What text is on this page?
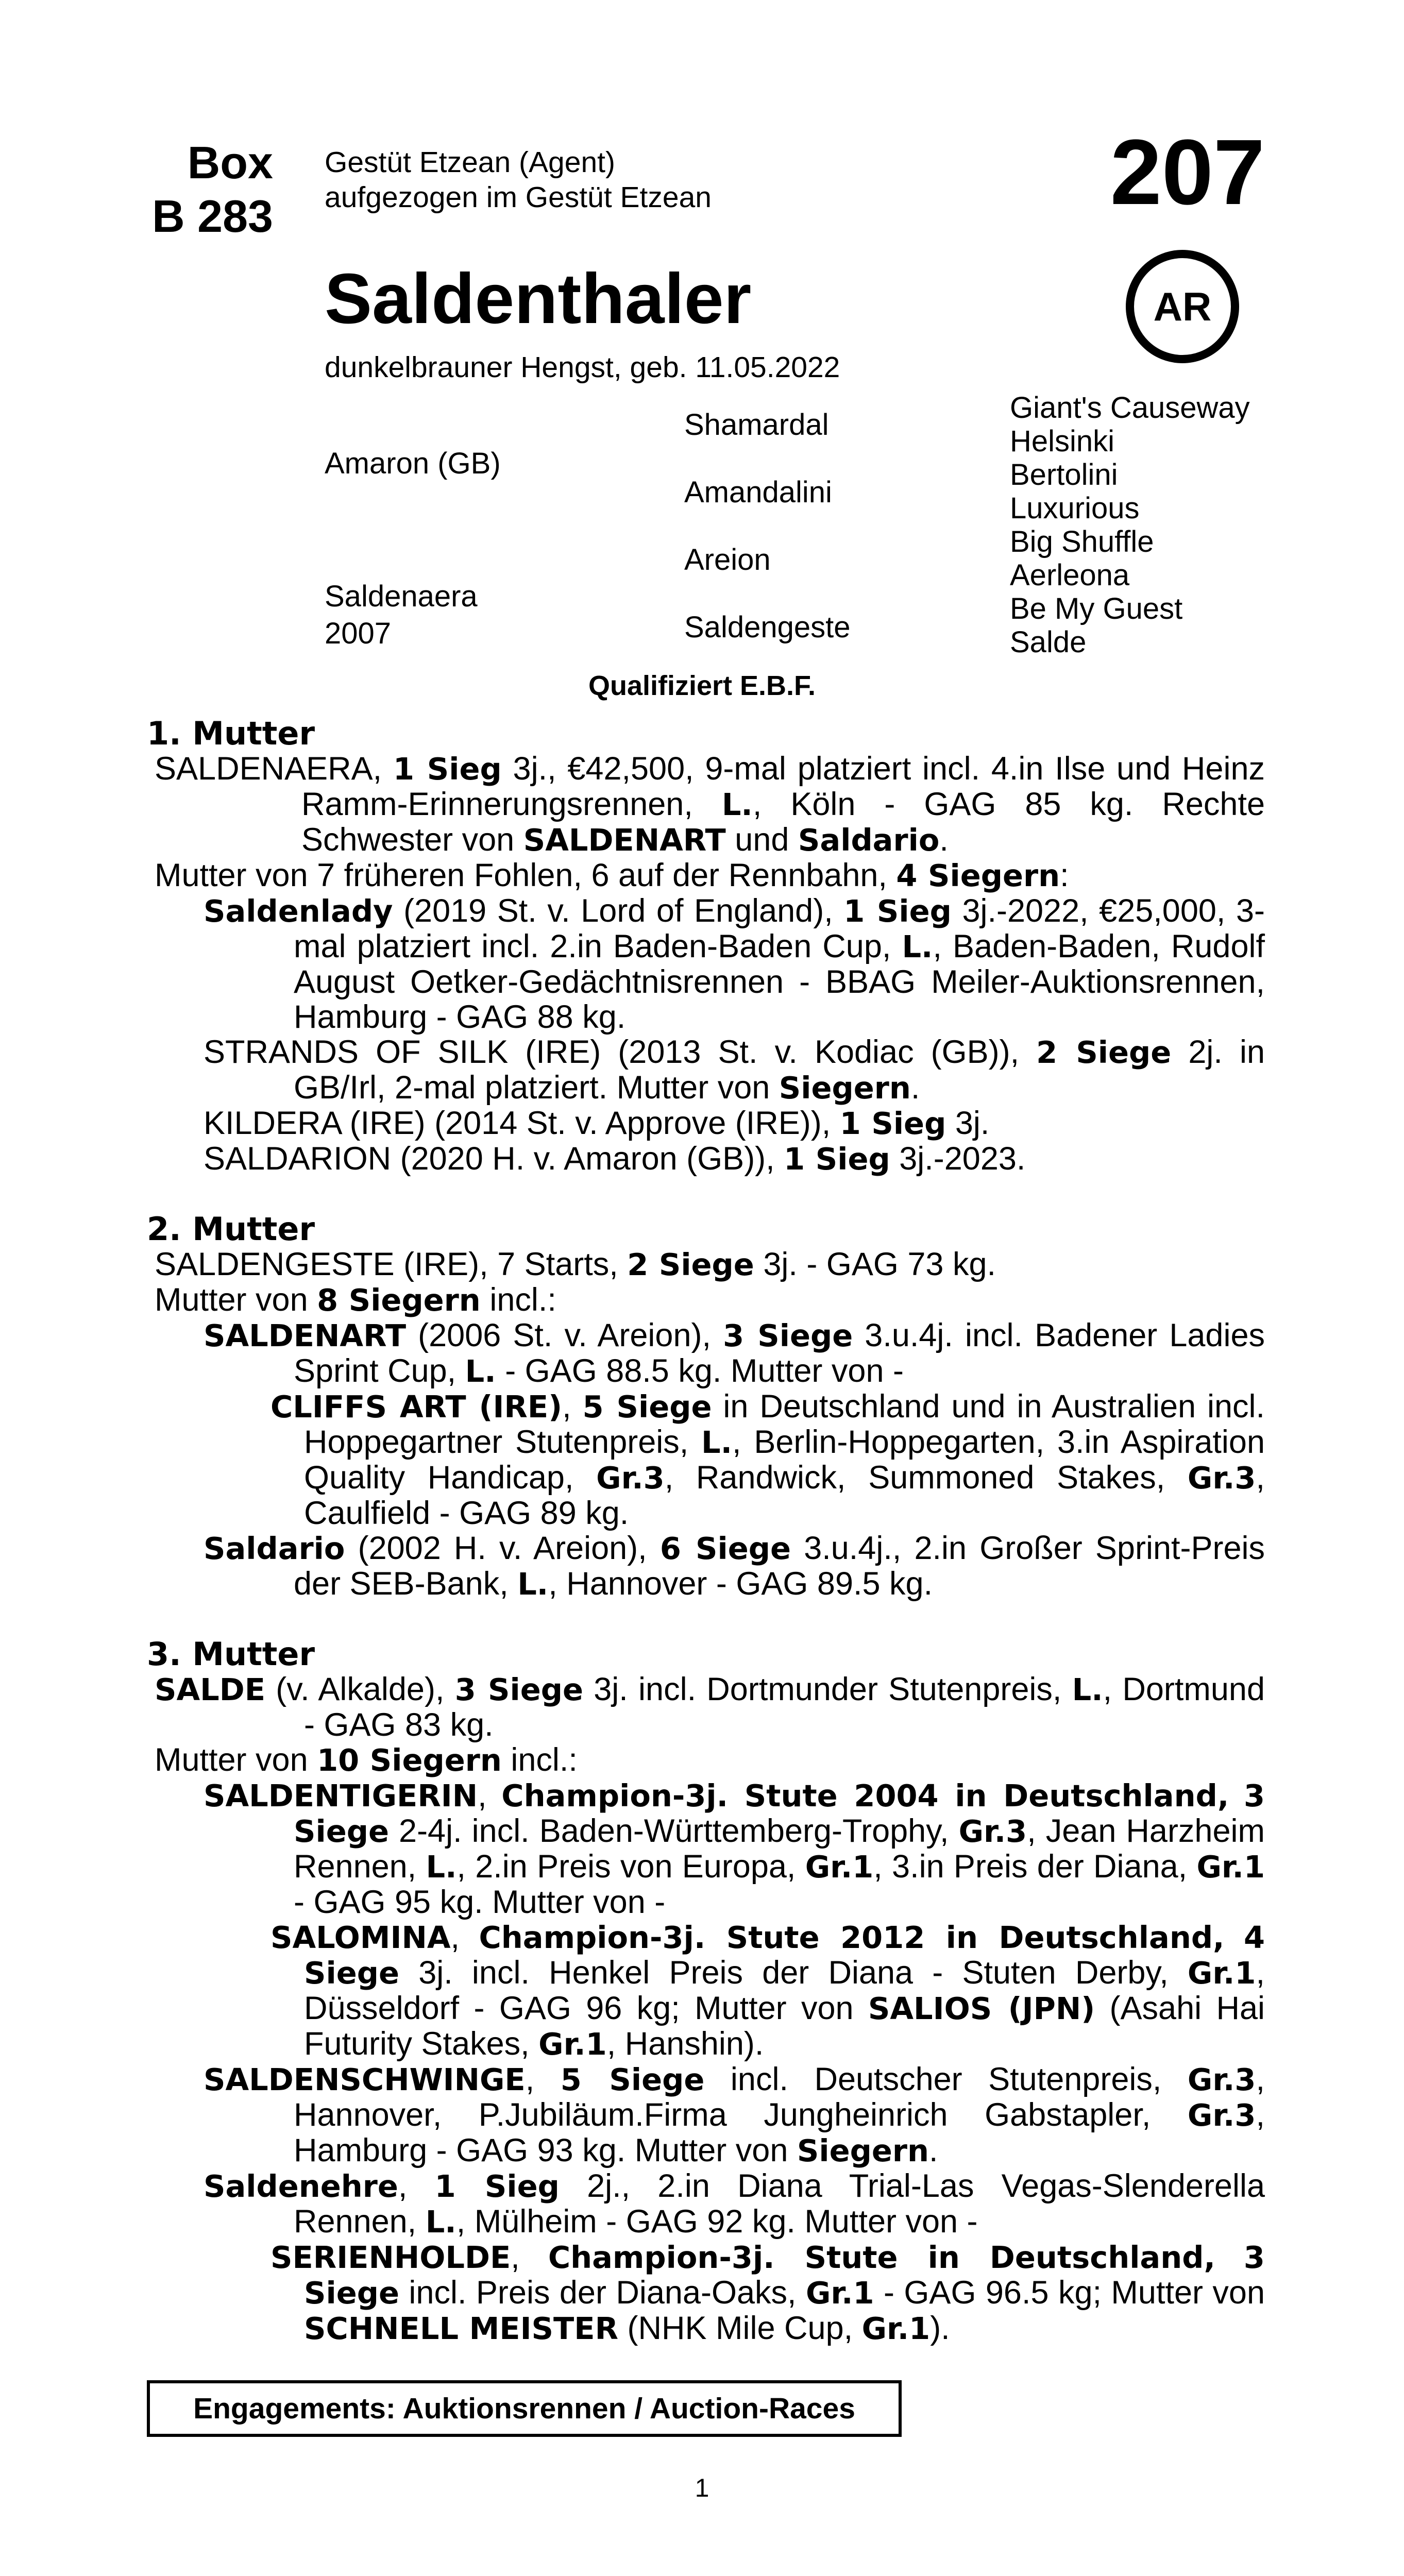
Box
B 283
Gestüt Etzean (Agent)
aufgezogen im Gestüt Etzean	207
Saldenthaler	AR
dunkelbrauner Hengst, geb. 11.05.2022
Amaron (GB)
Saldenaera
2007
Shamardal
Amandalini
Areion
Saldengeste
Giant's Causeway
Helsinki
Bertolini
Luxurious
Big Shuffle
Aerleona
Be My Guest
Salde
Qualifiziert E.B.F.
1. Mutter

SALDENAERA, 1 Sieg 3j., €42,500, 9-mal platziert incl. 4.in Ilse und Heinz Ramm-Erinnerungsrennen, L., Köln - GAG 85 kg. Rechte Schwester von SALDENART und Saldario.

Mutter von 7 früheren Fohlen, 6 auf der Rennbahn, 4 Siegern:

Saldenlady (2019 St. v. Lord of England), 1 Sieg 3j.-2022, €25,000, 3-mal platziert incl. 2.in Baden-Baden Cup, L., Baden-Baden, Rudolf August Oetker-Gedächtnisrennen - BBAG Meiler-Auktionsrennen, Hamburg - GAG 88 kg.

STRANDS OF SILK (IRE) (2013 St. v. Kodiac (GB)), 2 Siege 2j. in GB/Irl, 2-mal platziert. Mutter von Siegern.

KILDERA (IRE) (2014 St. v. Approve (IRE)), 1 Sieg 3j.

SALDARION (2020 H. v. Amaron (GB)), 1 Sieg 3j.-2023.

2. Mutter

SALDENGESTE (IRE), 7 Starts, 2 Siege 3j. - GAG 73 kg.

Mutter von 8 Siegern incl.:

SALDENART (2006 St. v. Areion), 3 Siege 3.u.4j. incl. Badener Ladies Sprint Cup, L. - GAG 88.5 kg. Mutter von -

CLIFFS ART (IRE), 5 Siege in Deutschland und in Australien incl. Hoppegartner Stutenpreis, L., Berlin-Hoppegarten, 3.in Aspiration Quality Handicap, Gr.3, Randwick, Summoned Stakes, Gr.3, Caulfield - GAG 89 kg.

Saldario (2002 H. v. Areion), 6 Siege 3.u.4j., 2.in Großer Sprint-Preis der SEB-Bank, L., Hannover - GAG 89.5 kg.

3. Mutter

SALDE (v. Alkalde), 3 Siege 3j. incl. Dortmunder Stutenpreis, L., Dortmund - GAG 83 kg.

Mutter von 10 Siegern incl.:

SALDENTIGERIN, Champion-3j. Stute 2004 in Deutschland, 3 Siege 2-4j. incl. Baden-Württemberg-Trophy, Gr.3, Jean Harzheim Rennen, L., 2.in Preis von Europa, Gr.1, 3.in Preis der Diana, Gr.1 - GAG 95 kg. Mutter von -

SALOMINA, Champion-3j. Stute 2012 in Deutschland, 4 Siege 3j. incl. Henkel Preis der Diana - Stuten Derby, Gr.1, Düsseldorf - GAG 96 kg; Mutter von SALIOS (JPN) (Asahi Hai Futurity Stakes, Gr.1, Hanshin).

SALDENSCHWINGE, 5 Siege incl. Deutscher Stutenpreis, Gr.3, Hannover, P.Jubiläum.Firma Jungheinrich Gabstapler, Gr.3, Hamburg - GAG 93 kg. Mutter von Siegern.

Saldenehre, 1 Sieg 2j., 2.in Diana Trial-Las Vegas-Slenderella Rennen, L., Mülheim - GAG 92 kg. Mutter von -

SERIENHOLDE, Champion-3j. Stute in Deutschland, 3 Siege incl. Preis der Diana-Oaks, Gr.1 - GAG 96.5 kg; Mutter von SCHNELL MEISTER (NHK Mile Cup, Gr.1).

Engagements: Auktionsrennen / Auction-Races
1
